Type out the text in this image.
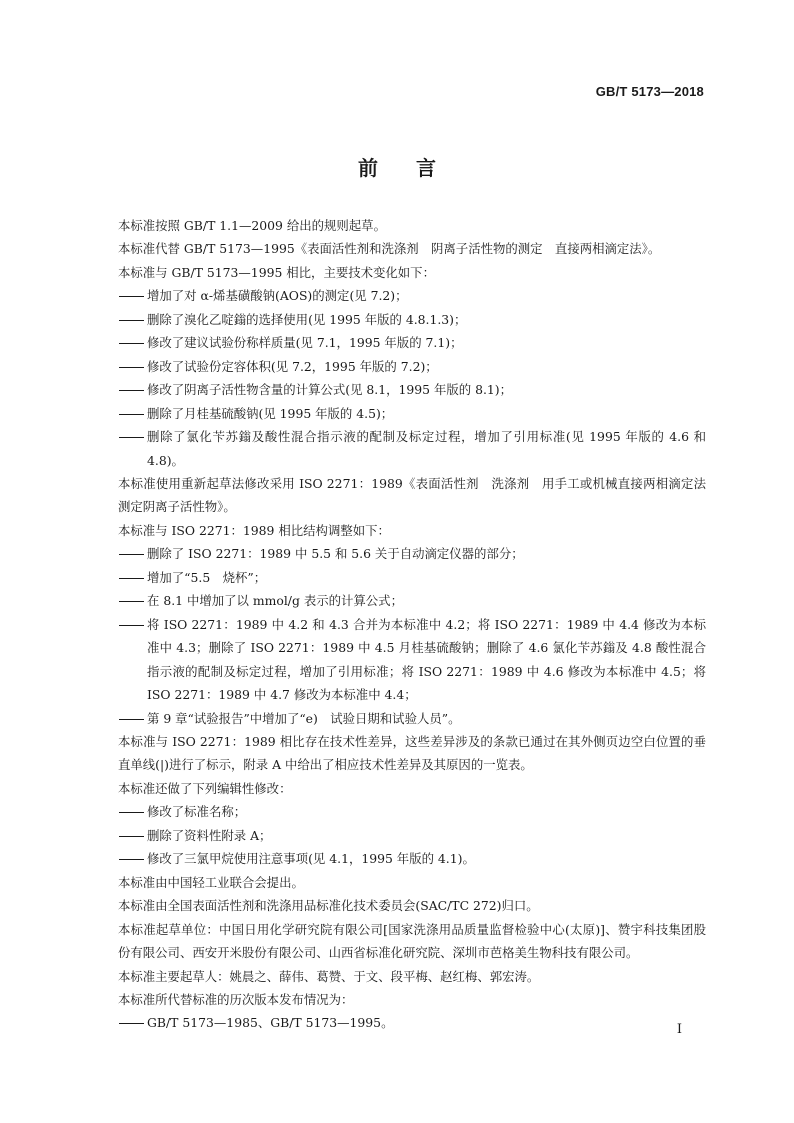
GB/T 5173—2018
前言
本标准按照 GB/T 1.1—2009 给出的规则起草。
本标准代替 GB/T 5173—1995《表面活性剂和洗涤剂　阴离子活性物的测定　直接两相滴定法》。
本标准与 GB/T 5173—1995 相比，主要技术变化如下：
增加了对 α-烯基磺酸钠(AOS)的测定(见 7.2)；
删除了溴化乙啶鎓的选择使用(见 1995 年版的 4.8.1.3)；
修改了建议试验份称样质量(见 7.1，1995 年版的 7.1)；
修改了试验份定容体积(见 7.2，1995 年版的 7.2)；
修改了阴离子活性物含量的计算公式(见 8.1，1995 年版的 8.1)；
删除了月桂基硫酸钠(见 1995 年版的 4.5)；
删除了氯化苄苏鎓及酸性混合指示液的配制及标定过程，增加了引用标准(见 1995 年版的 4.6 和 4.8)。
本标准使用重新起草法修改采用 ISO 2271：1989《表面活性剂　洗涤剂　用手工或机械直接两相滴定法测定阴离子活性物》。
本标准与 ISO 2271：1989 相比结构调整如下：
删除了 ISO 2271：1989 中 5.5 和 5.6 关于自动滴定仪器的部分；
增加了“5.5　烧杯”；
在 8.1 中增加了以 mmol/g 表示的计算公式；
将 ISO 2271：1989 中 4.2 和 4.3 合并为本标准中 4.2；将 ISO 2271：1989 中 4.4 修改为本标准中 4.3；删除了 ISO 2271：1989 中 4.5 月桂基硫酸钠；删除了 4.6 氯化苄苏鎓及 4.8 酸性混合指示液的配制及标定过程，增加了引用标准；将 ISO 2271：1989 中 4.6 修改为本标准中 4.5；将 ISO 2271：1989 中 4.7 修改为本标准中 4.4；
第 9 章“试验报告”中增加了“e)　试验日期和试验人员”。
本标准与 ISO 2271：1989 相比存在技术性差异，这些差异涉及的条款已通过在其外侧页边空白位置的垂直单线(|)进行了标示，附录 A 中给出了相应技术性差异及其原因的一览表。
本标准还做了下列编辑性修改：
修改了标准名称；
删除了资料性附录 A；
修改了三氯甲烷使用注意事项(见 4.1，1995 年版的 4.1)。
本标准由中国轻工业联合会提出。
本标准由全国表面活性剂和洗涤用品标准化技术委员会(SAC/TC 272)归口。
本标准起草单位：中国日用化学研究院有限公司[国家洗涤用品质量监督检验中心(太原)]、赞宇科技集团股份有限公司、西安开米股份有限公司、山西省标准化研究院、深圳市芭格美生物科技有限公司。
本标准主要起草人：姚晨之、薛伟、葛赞、于文、段平梅、赵红梅、郭宏涛。
本标准所代替标准的历次版本发布情况为：
GB/T 5173—1985、GB/T 5173—1995。	I
